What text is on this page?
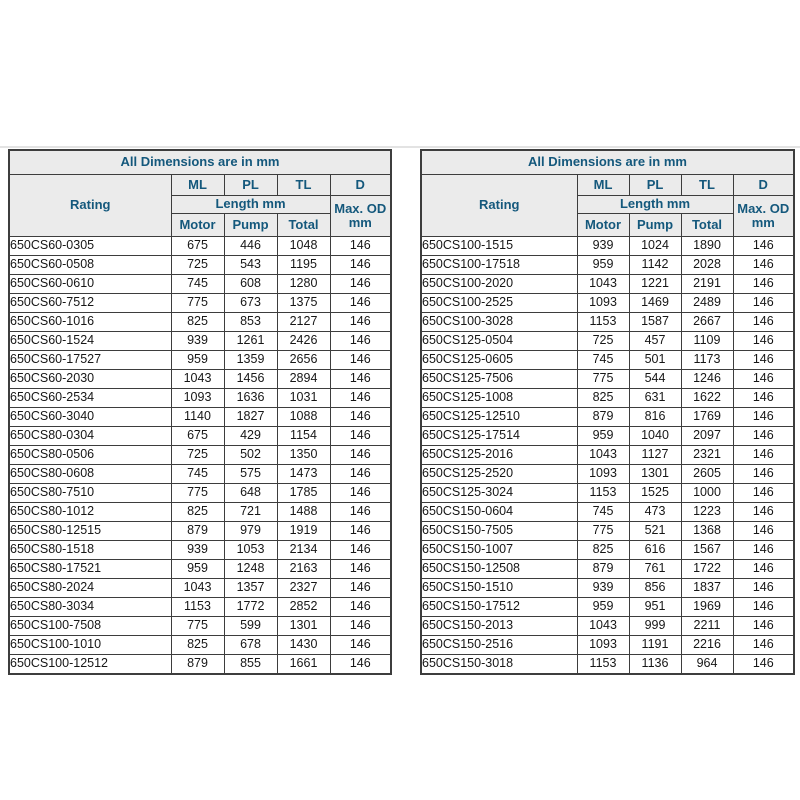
All Dimensions are in mm				
Rating	ML	PL	TL	D
	Length mm			Max. OD
mm
	Motor	Pump	Total	
650CS60-0305	675	446	1048	146
650CS60-0508	725	543	1195	146
650CS60-0610	745	608	1280	146
650CS60-7512	775	673	1375	146
650CS60-1016	825	853	2127	146
650CS60-1524	939	1261	2426	146
650CS60-17527	959	1359	2656	146
650CS60-2030	1043	1456	2894	146
650CS60-2534	1093	1636	1031	146
650CS60-3040	1140	1827	1088	146
650CS80-0304	675	429	1154	146
650CS80-0506	725	502	1350	146
650CS80-0608	745	575	1473	146
650CS80-7510	775	648	1785	146
650CS80-1012	825	721	1488	146
650CS80-12515	879	979	1919	146
650CS80-1518	939	1053	2134	146
650CS80-17521	959	1248	2163	146
650CS80-2024	1043	1357	2327	146
650CS80-3034	1153	1772	2852	146
650CS100-7508	775	599	1301	146
650CS100-1010	825	678	1430	146
650CS100-12512	879	855	1661	146
All Dimensions are in mm				
Rating	ML	PL	TL	D
	Length mm			Max. OD
mm
	Motor	Pump	Total	
650CS100-1515	939	1024	1890	146
650CS100-17518	959	1142	2028	146
650CS100-2020	1043	1221	2191	146
650CS100-2525	1093	1469	2489	146
650CS100-3028	1153	1587	2667	146
650CS125-0504	725	457	1109	146
650CS125-0605	745	501	1173	146
650CS125-7506	775	544	1246	146
650CS125-1008	825	631	1622	146
650CS125-12510	879	816	1769	146
650CS125-17514	959	1040	2097	146
650CS125-2016	1043	1127	2321	146
650CS125-2520	1093	1301	2605	146
650CS125-3024	1153	1525	1000	146
650CS150-0604	745	473	1223	146
650CS150-7505	775	521	1368	146
650CS150-1007	825	616	1567	146
650CS150-12508	879	761	1722	146
650CS150-1510	939	856	1837	146
650CS150-17512	959	951	1969	146
650CS150-2013	1043	999	2211	146
650CS150-2516	1093	1191	2216	146
650CS150-3018	1153	1136	964	146
